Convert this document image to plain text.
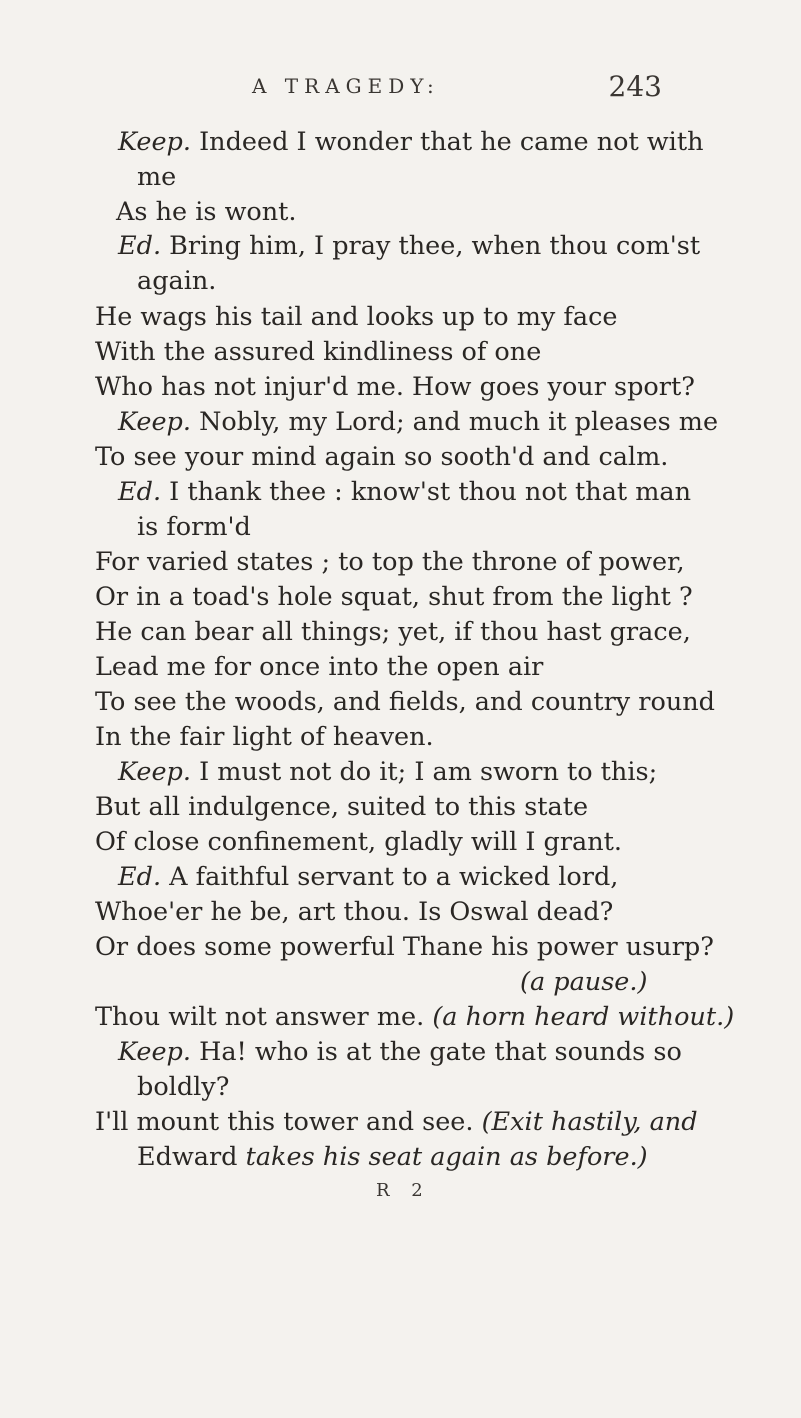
A TRAGEDY:	243
Keep. Indeed I wonder that he came not with
me
As he is wont.
Ed. Bring him, I pray thee, when thou com'st
again.
He wags his tail and looks up to my face
With the assured kindliness of one
Who has not injur'd me. How goes your sport?
Keep. Nobly, my Lord; and much it pleases me
To see your mind again so sooth'd and calm.
Ed. I thank thee : know'st thou not that man
is form'd
For varied states ; to top the throne of power,
Or in a toad's hole squat, shut from the light ?
He can bear all things; yet, if thou hast grace,
Lead me for once into the open air
To see the woods, and fields, and country round
In the fair light of heaven.
Keep. I must not do it; I am sworn to this;
But all indulgence, suited to this state
Of close confinement, gladly will I grant.
Ed. A faithful servant to a wicked lord,
Whoe'er he be, art thou. Is Oswal dead?
Or does some powerful Thane his power usurp?
(a pause.)
Thou wilt not answer me. (a horn heard without.)
Keep. Ha! who is at the gate that sounds so
boldly?
I'll mount this tower and see. (Exit hastily, and
Edward takes his seat again as before.)
R 2
